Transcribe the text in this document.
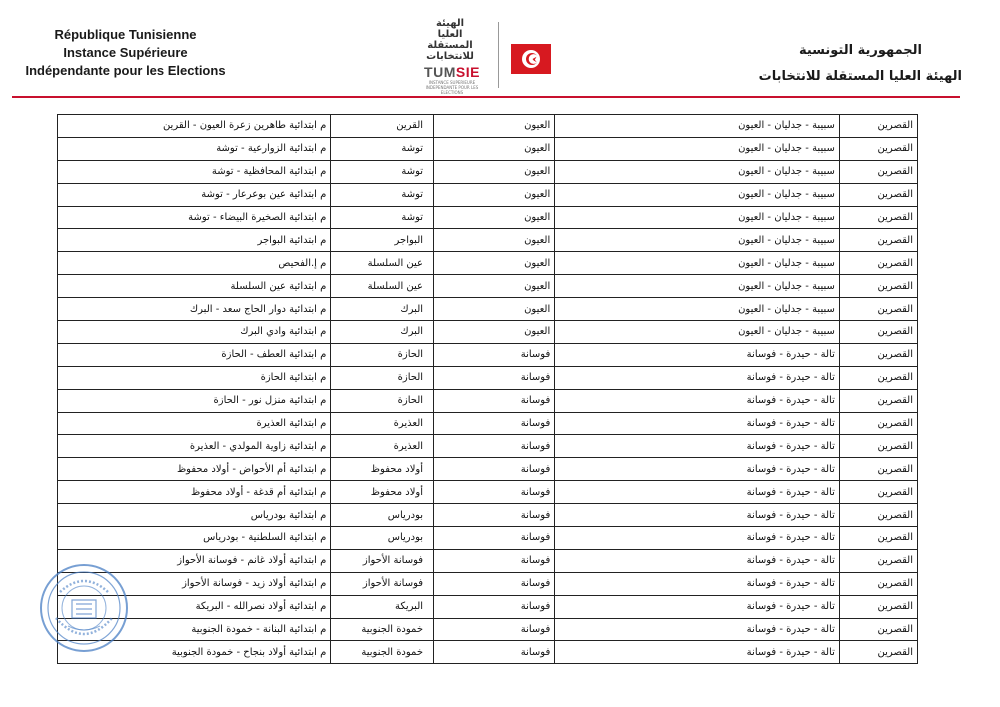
République Tunisienne
Instance Supérieure
Indépendante pour les Elections
الهيئة
العليا
المستقلة
للانتخابات
TUMSIE
INSTANCE SUPERIEURE INDEPENDANTE POUR LES ELECTIONS
الجمهورية التونسية
الهيئة العليا المستقلة للانتخابات
م ابتدائية طاهرين زعرة العيون - القرين	القرين	العيون	سبيبة - جدليان - العيون	القصرين
م ابتدائية الزوارعية - توشة	توشة	العيون	سبيبة - جدليان - العيون	القصرين
م ابتدائية المحافظية - توشة	توشة	العيون	سبيبة - جدليان - العيون	القصرين
م ابتدائية عين بوعرعار - توشة	توشة	العيون	سبيبة - جدليان - العيون	القصرين
م ابتدائية الصخيرة البيضاء - توشة	توشة	العيون	سبيبة - جدليان - العيون	القصرين
م ابتدائية البواجر	البواجر	العيون	سبيبة - جدليان - العيون	القصرين
م إ.الفحيص	عين السلسلة	العيون	سبيبة - جدليان - العيون	القصرين
م ابتدائية عين السلسلة	عين السلسلة	العيون	سبيبة - جدليان - العيون	القصرين
م ابتدائية دوار الحاج سعد - البرك	البرك	العيون	سبيبة - جدليان - العيون	القصرين
م ابتدائية وادي البرك	البرك	العيون	سبيبة - جدليان - العيون	القصرين
م ابتدائية العطف - الحازة	الحازة	فوسانة	تالة - حيدرة - فوسانة	القصرين
م ابتدائية الحازة	الحازة	فوسانة	تالة - حيدرة - فوسانة	القصرين
م ابتدائية منزل نور - الحازة	الحازة	فوسانة	تالة - حيدرة - فوسانة	القصرين
م ابتدائية العذيرة	العذيرة	فوسانة	تالة - حيدرة - فوسانة	القصرين
م ابتدائية زاوية المولدي - العذيرة	العذيرة	فوسانة	تالة - حيدرة - فوسانة	القصرين
م ابتدائية أم الأحواض - أولاد محفوظ	أولاد محفوظ	فوسانة	تالة - حيدرة - فوسانة	القصرين
م ابتدائية أم قدغة - أولاد محفوظ	أولاد محفوظ	فوسانة	تالة - حيدرة - فوسانة	القصرين
م ابتدائية بودرياس	بودرياس	فوسانة	تالة - حيدرة - فوسانة	القصرين
م ابتدائية السلطنية - بودرياس	بودرياس	فوسانة	تالة - حيدرة - فوسانة	القصرين
م ابتدائية أولاد غانم - فوسانة الأحواز	فوسانة الأحواز	فوسانة	تالة - حيدرة - فوسانة	القصرين
م ابتدائية أولاد زيد - فوسانة الأحواز	فوسانة الأحواز	فوسانة	تالة - حيدرة - فوسانة	القصرين
م ابتدائية أولاد نصرالله - البريكة	البريكة	فوسانة	تالة - حيدرة - فوسانة	القصرين
م ابتدائية البنانة - خمودة الجنوبية	خمودة الجنوبية	فوسانة	تالة - حيدرة - فوسانة	القصرين
م ابتدائية أولاد بنجاح - خمودة الجنوبية	خمودة الجنوبية	فوسانة	تالة - حيدرة - فوسانة	القصرين
